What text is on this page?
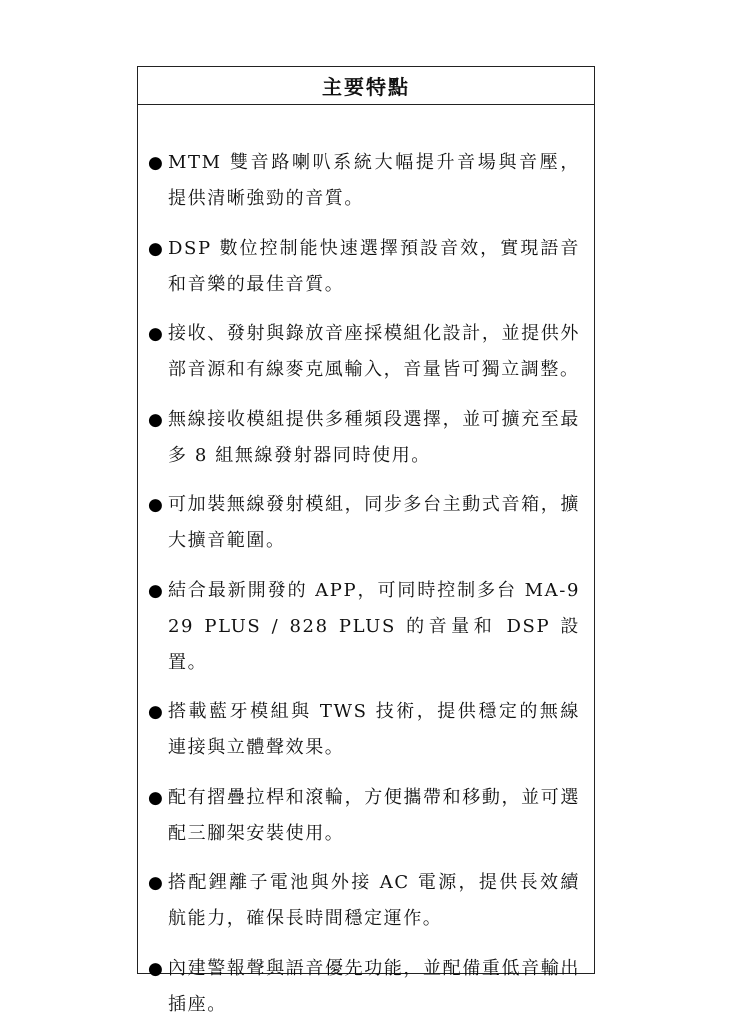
主要特點
● MTM 雙音路喇叭系統大幅提升音場與音壓，提供清晰強勁的音質。
● DSP 數位控制能快速選擇預設音效，實現語音和音樂的最佳音質。
● 接收、發射與錄放音座採模組化設計，並提供外部音源和有線麥克風輸入，音量皆可獨立調整。
● 無線接收模組提供多種頻段選擇，並可擴充至最多 8 組無線發射器同時使用。
● 可加裝無線發射模組，同步多台主動式音箱，擴大擴音範圍。
● 結合最新開發的 APP，可同時控制多台 MA-929 PLUS / 828 PLUS 的音量和 DSP 設置。
● 搭載藍牙模組與 TWS 技術，提供穩定的無線連接與立體聲效果。
● 配有摺疊拉桿和滾輪，方便攜帶和移動，並可選配三腳架安裝使用。
● 搭配鋰離子電池與外接 AC 電源，提供長效續航能力，確保長時間穩定運作。
● 內建警報聲與語音優先功能，並配備重低音輸出插座。
